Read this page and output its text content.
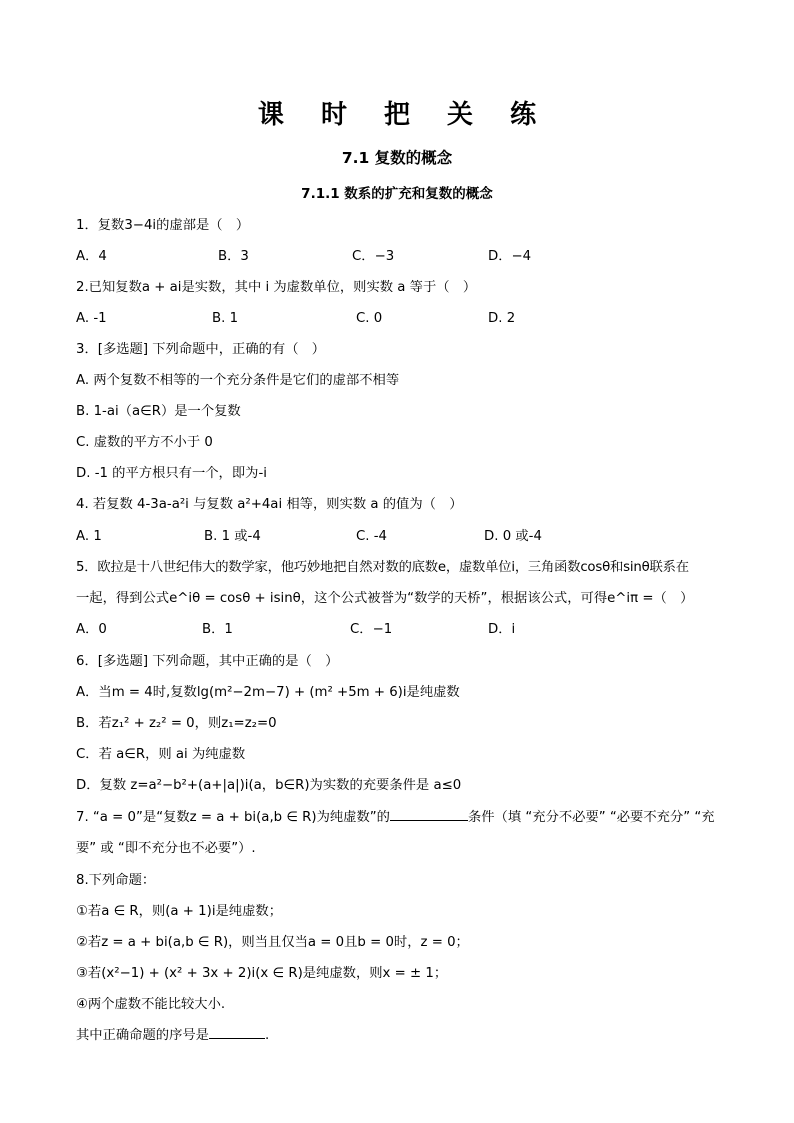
课 时 把 关 练
7.1 复数的概念
7.1.1 数系的扩充和复数的概念
1．复数3−4i的虚部是（　）
A．4	B．3	C．−3	D．−4
2.已知复数a + ai是实数，其中 i 为虚数单位，则实数 a 等于（　）
A. -1	B. 1	C. 0	D. 2
3．[多选题] 下列命题中，正确的有（　）
A. 两个复数不相等的一个充分条件是它们的虚部不相等
B. 1-ai（a∈R）是一个复数
C. 虚数的平方不小于 0
D. -1 的平方根只有一个，即为-i
4. 若复数 4-3a-a²i 与复数 a²+4ai 相等，则实数 a 的值为（　）
A. 1	B. 1 或-4	C. -4	D. 0 或-4
5．欧拉是十八世纪伟大的数学家，他巧妙地把自然对数的底数e，虚数单位i，三角函数cosθ和sinθ联系在
一起，得到公式e^iθ = cosθ + isinθ，这个公式被誉为“数学的天桥”，根据该公式，可得e^iπ =（　）
A．0	B．1	C．−1	D．i
6．[多选题] 下列命题，其中正确的是（　）
A．当m = 4时,复数lg(m²−2m−7) + (m² +5m + 6)i是纯虚数
B．若z₁² + z₂² = 0，则z₁=z₂=0
C．若 a∈R，则 ai 为纯虚数
D．复数 z=a²−b²+(a+|a|)i(a，b∈R)为实数的充要条件是 a≤0
7. “a = 0”是“复数z = a + bi(a,b ∈ R)为纯虚数”的	条件（填 “充分不必要” “必要不充分” “充
要” 或 “即不充分也不必要”）.
8.下列命题：
①若a ∈ R，则(a + 1)i是纯虚数；
②若z = a + bi(a,b ∈ R)，则当且仅当a = 0且b = 0时，z = 0；
③若(x²−1) + (x² + 3x + 2)i(x ∈ R)是纯虚数，则x = ± 1；
④两个虚数不能比较大小.
其中正确命题的序号是	.
